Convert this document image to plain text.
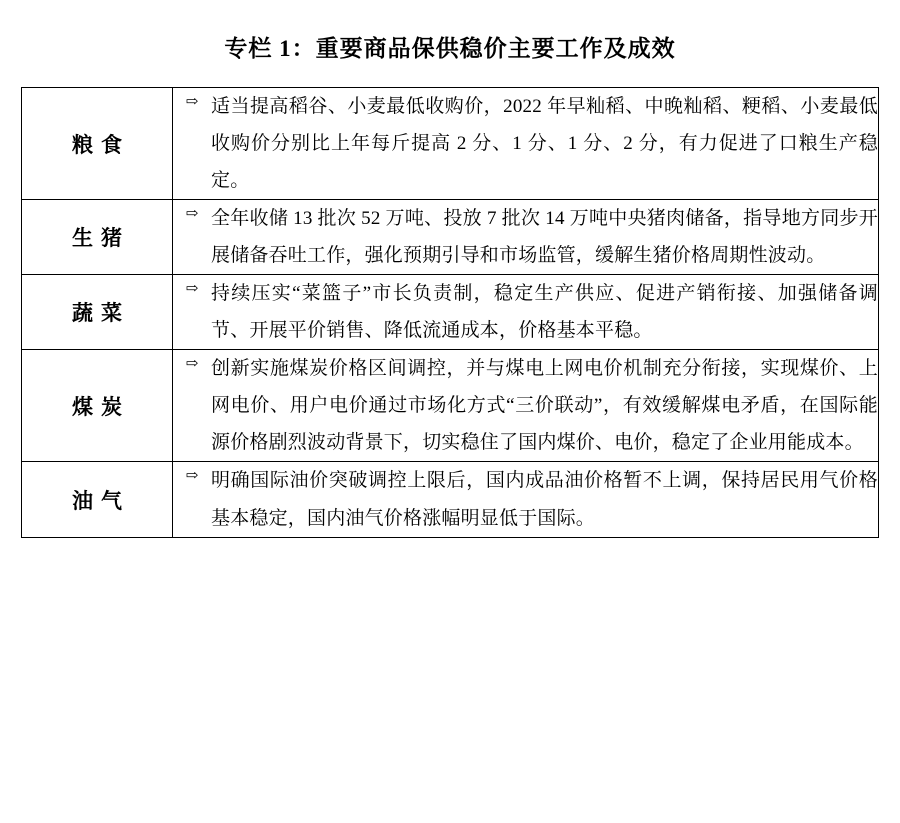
专栏 1：重要商品保供稳价主要工作及成效
粮食	⇨ 适当提高稻谷、小麦最低收购价，2022 年早籼稻、中晚籼稻、粳稻、小麦最低收购价分别比上年每斤提高 2 分、1 分、1 分、2 分，有力促进了口粮生产稳定。

生猪	⇨ 全年收储 13 批次 52 万吨、投放 7 批次 14 万吨中央猪肉储备，指导地方同步开展储备吞吐工作，强化预期引导和市场监管，缓解生猪价格周期性波动。

蔬菜	⇨ 持续压实“菜篮子”市长负责制，稳定生产供应、促进产销衔接、加强储备调节、开展平价销售、降低流通成本，价格基本平稳。

煤炭	⇨ 创新实施煤炭价格区间调控，并与煤电上网电价机制充分衔接，实现煤价、上网电价、用户电价通过市场化方式“三价联动”，有效缓解煤电矛盾，在国际能源价格剧烈波动背景下，切实稳住了国内煤价、电价，稳定了企业用能成本。

油气	⇨ 明确国际油价突破调控上限后，国内成品油价格暂不上调，保持居民用气价格基本稳定，国内油气价格涨幅明显低于国际。
